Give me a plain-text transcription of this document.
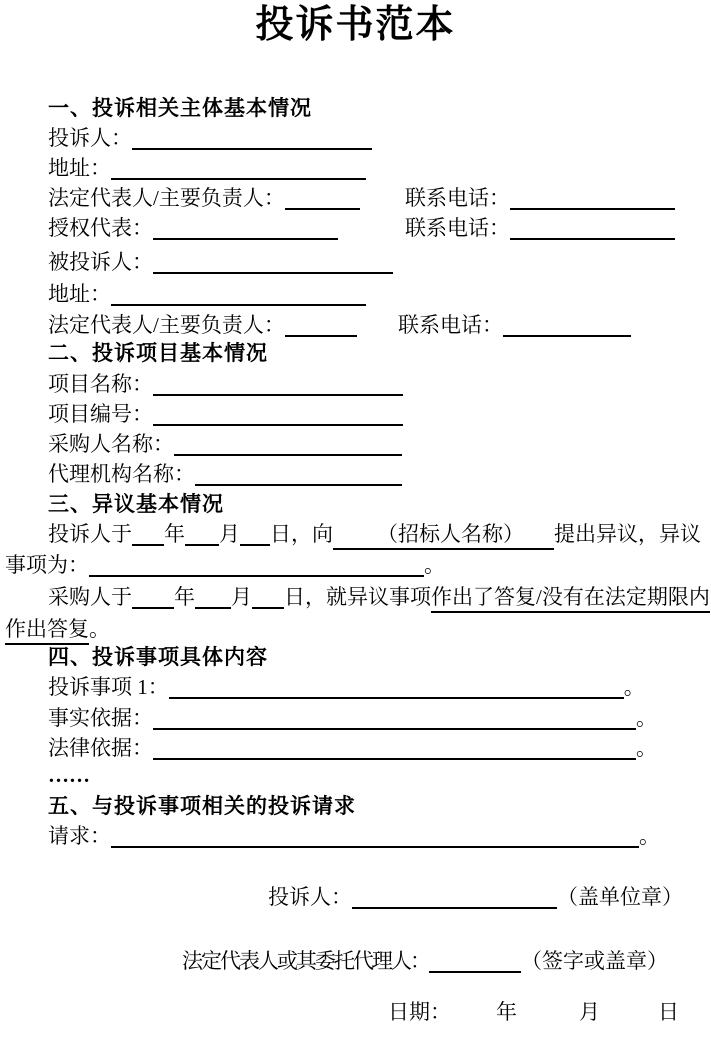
投诉书范本
一、投诉相关主体基本情况
投诉人：
地址：
法定代表人/主要负责人：	联系电话：
授权代表：	联系电话：
被投诉人：
地址：
法定代表人/主要负责人：	联系电话：
二、投诉项目基本情况
项目名称：
项目编号：
采购人名称：
代理机构名称：
三、异议基本情况
投诉人于 年 月 日，向 （招标人名称） 提出异议，异议
事项为：	。
采购人于 年 月 日，就异议事项作出了答复/没有在法定期限内
作出答复。
四、投诉事项具体内容
投诉事项 1：	。
事实依据：	。
法律依据：	。
……
五、与投诉事项相关的投诉请求
请求：	。
投诉人：	（盖单位章）
法定代表人或其委托代理人：	（签字或盖章）
日期： 年	月	日
